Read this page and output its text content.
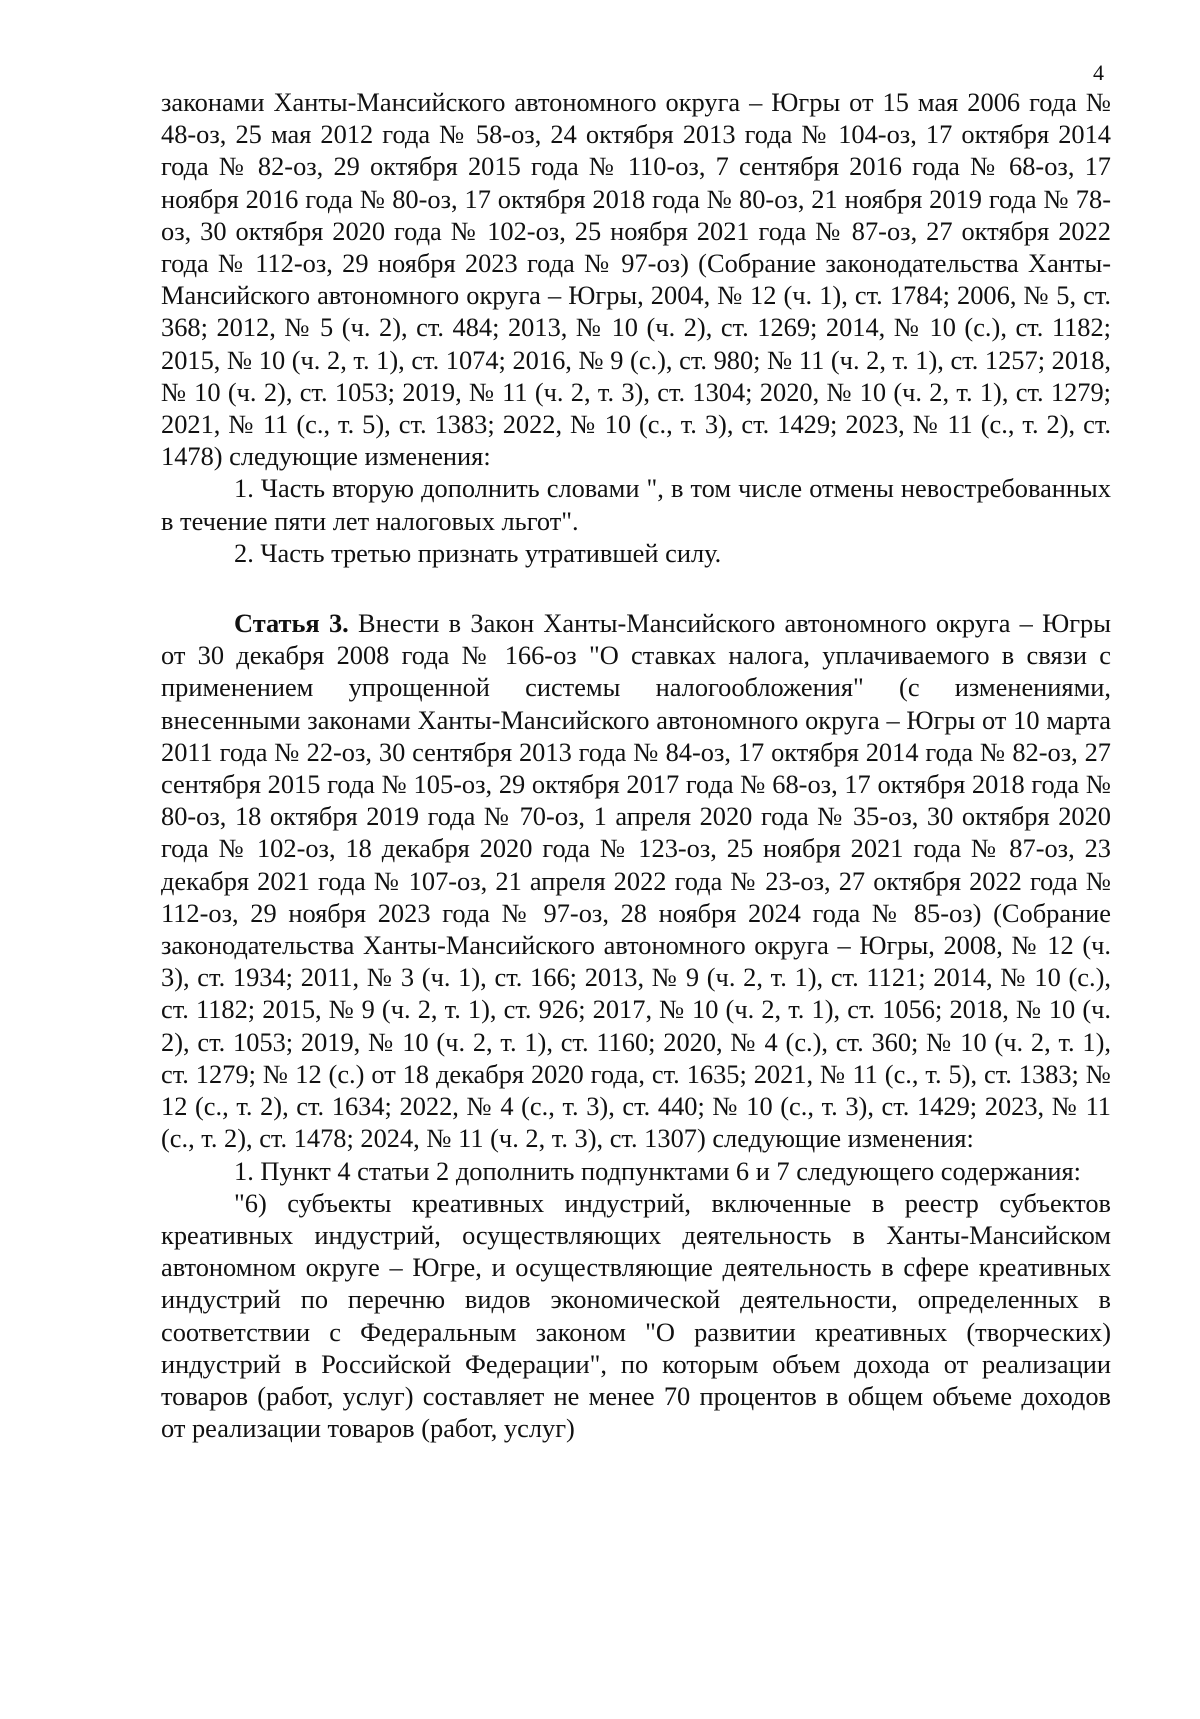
4

законами Ханты-Мансийского автономного округа – Югры от 15 мая 2006 года № 48-оз, 25 мая 2012 года № 58-оз, 24 октября 2013 года № 104-оз, 17 октября 2014 года № 82-оз, 29 октября 2015 года № 110-оз, 7 сентября 2016 года № 68-оз, 17 ноября 2016 года № 80-оз, 17 октября 2018 года № 80-оз, 21 ноября 2019 года № 78-оз, 30 октября 2020 года № 102-оз, 25 ноября 2021 года № 87-оз, 27 октября 2022 года № 112-оз, 29 ноября 2023 года № 97-оз) (Собрание законодательства Ханты-Мансийского автономного округа – Югры, 2004, № 12 (ч. 1), ст. 1784; 2006, № 5, ст. 368; 2012, № 5 (ч. 2), ст. 484; 2013, № 10 (ч. 2), ст. 1269; 2014, № 10 (с.), ст. 1182; 2015, № 10 (ч. 2, т. 1), ст. 1074; 2016, № 9 (с.), ст. 980; № 11 (ч. 2, т. 1), ст. 1257; 2018, № 10 (ч. 2), ст. 1053; 2019, № 11 (ч. 2, т. 3), ст. 1304; 2020, № 10 (ч. 2, т. 1), ст. 1279; 2021, № 11 (с., т. 5), ст. 1383; 2022, № 10 (с., т. 3), ст. 1429; 2023, № 11 (с., т. 2), ст. 1478) следующие изменения:

1. Часть вторую дополнить словами ", в том числе отмены невостребованных в течение пяти лет налоговых льгот".

2. Часть третью признать утратившей силу.

Статья 3. Внести в Закон Ханты-Мансийского автономного округа – Югры от 30 декабря 2008 года № 166-оз "О ставках налога, уплачиваемого в связи с применением упрощенной системы налогообложения" (с изменениями, внесенными законами Ханты-Мансийского автономного округа – Югры от 10 марта 2011 года № 22-оз, 30 сентября 2013 года № 84-оз, 17 октября 2014 года № 82-оз, 27 сентября 2015 года № 105-оз, 29 октября 2017 года № 68-оз, 17 октября 2018 года № 80-оз, 18 октября 2019 года № 70-оз, 1 апреля 2020 года № 35-оз, 30 октября 2020 года № 102-оз, 18 декабря 2020 года № 123-оз, 25 ноября 2021 года № 87-оз, 23 декабря 2021 года № 107-оз, 21 апреля 2022 года № 23-оз, 27 октября 2022 года № 112-оз, 29 ноября 2023 года № 97-оз, 28 ноября 2024 года № 85-оз) (Собрание законодательства Ханты-Мансийского автономного округа – Югры, 2008, № 12 (ч. 3), ст. 1934; 2011, № 3 (ч. 1), ст. 166; 2013, № 9 (ч. 2, т. 1), ст. 1121; 2014, № 10 (с.), ст. 1182; 2015, № 9 (ч. 2, т. 1), ст. 926; 2017, № 10 (ч. 2, т. 1), ст. 1056; 2018, № 10 (ч. 2), ст. 1053; 2019, № 10 (ч. 2, т. 1), ст. 1160; 2020, № 4 (с.), ст. 360; № 10 (ч. 2, т. 1), ст. 1279; № 12 (с.) от 18 декабря 2020 года, ст. 1635; 2021, № 11 (с., т. 5), ст. 1383; № 12 (с., т. 2), ст. 1634; 2022, № 4 (с., т. 3), ст. 440; № 10 (с., т. 3), ст. 1429; 2023, № 11 (с., т. 2), ст. 1478; 2024, № 11 (ч. 2, т. 3), ст. 1307) следующие изменения:

1. Пункт 4 статьи 2 дополнить подпунктами 6 и 7 следующего содержания:

"6) субъекты креативных индустрий, включенные в реестр субъектов креативных индустрий, осуществляющих деятельность в Ханты-Мансийском автономном округе – Югре, и осуществляющие деятельность в сфере креативных индустрий по перечню видов экономической деятельности, определенных в соответствии с Федеральным законом "О развитии креативных (творческих) индустрий в Российской Федерации", по которым объем дохода от реализации товаров (работ, услуг) составляет не менее 70 процентов в общем объеме доходов от реализации товаров (работ, услуг)
